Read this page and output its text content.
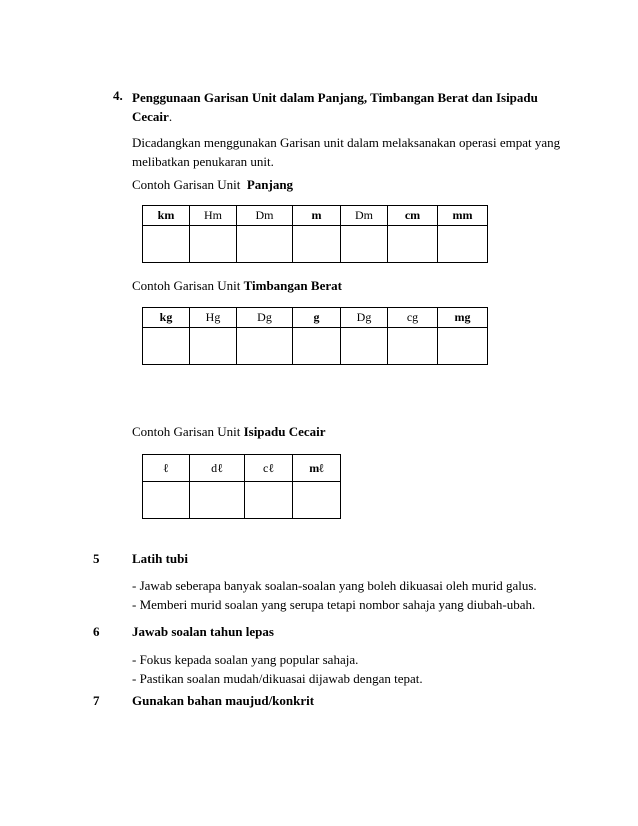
4. Penggunaan Garisan Unit dalam Panjang, Timbangan Berat dan Isipadu
Cecair.
Dicadangkan menggunakan Garisan unit dalam melaksanakan operasi empat yang
melibatkan penukaran unit.
Contoh Garisan Unit Panjang
km	Hm	Dm	m	Dm	cm	mm

Contoh Garisan Unit Timbangan Berat
kg	Hg	Dg	g	Dg	cg	mg

Contoh Garisan Unit Isipadu Cecair
ℓ	dℓ	cℓ	mℓ

5	Latih tubi
- Jawab seberapa banyak soalan-soalan yang boleh dikuasai oleh murid galus.
- Memberi murid soalan yang serupa tetapi nombor sahaja yang diubah-ubah.
6	Jawab soalan tahun lepas
- Fokus kepada soalan yang popular sahaja.
- Pastikan soalan mudah/dikuasai dijawab dengan tepat.
7	Gunakan bahan maujud/konkrit
